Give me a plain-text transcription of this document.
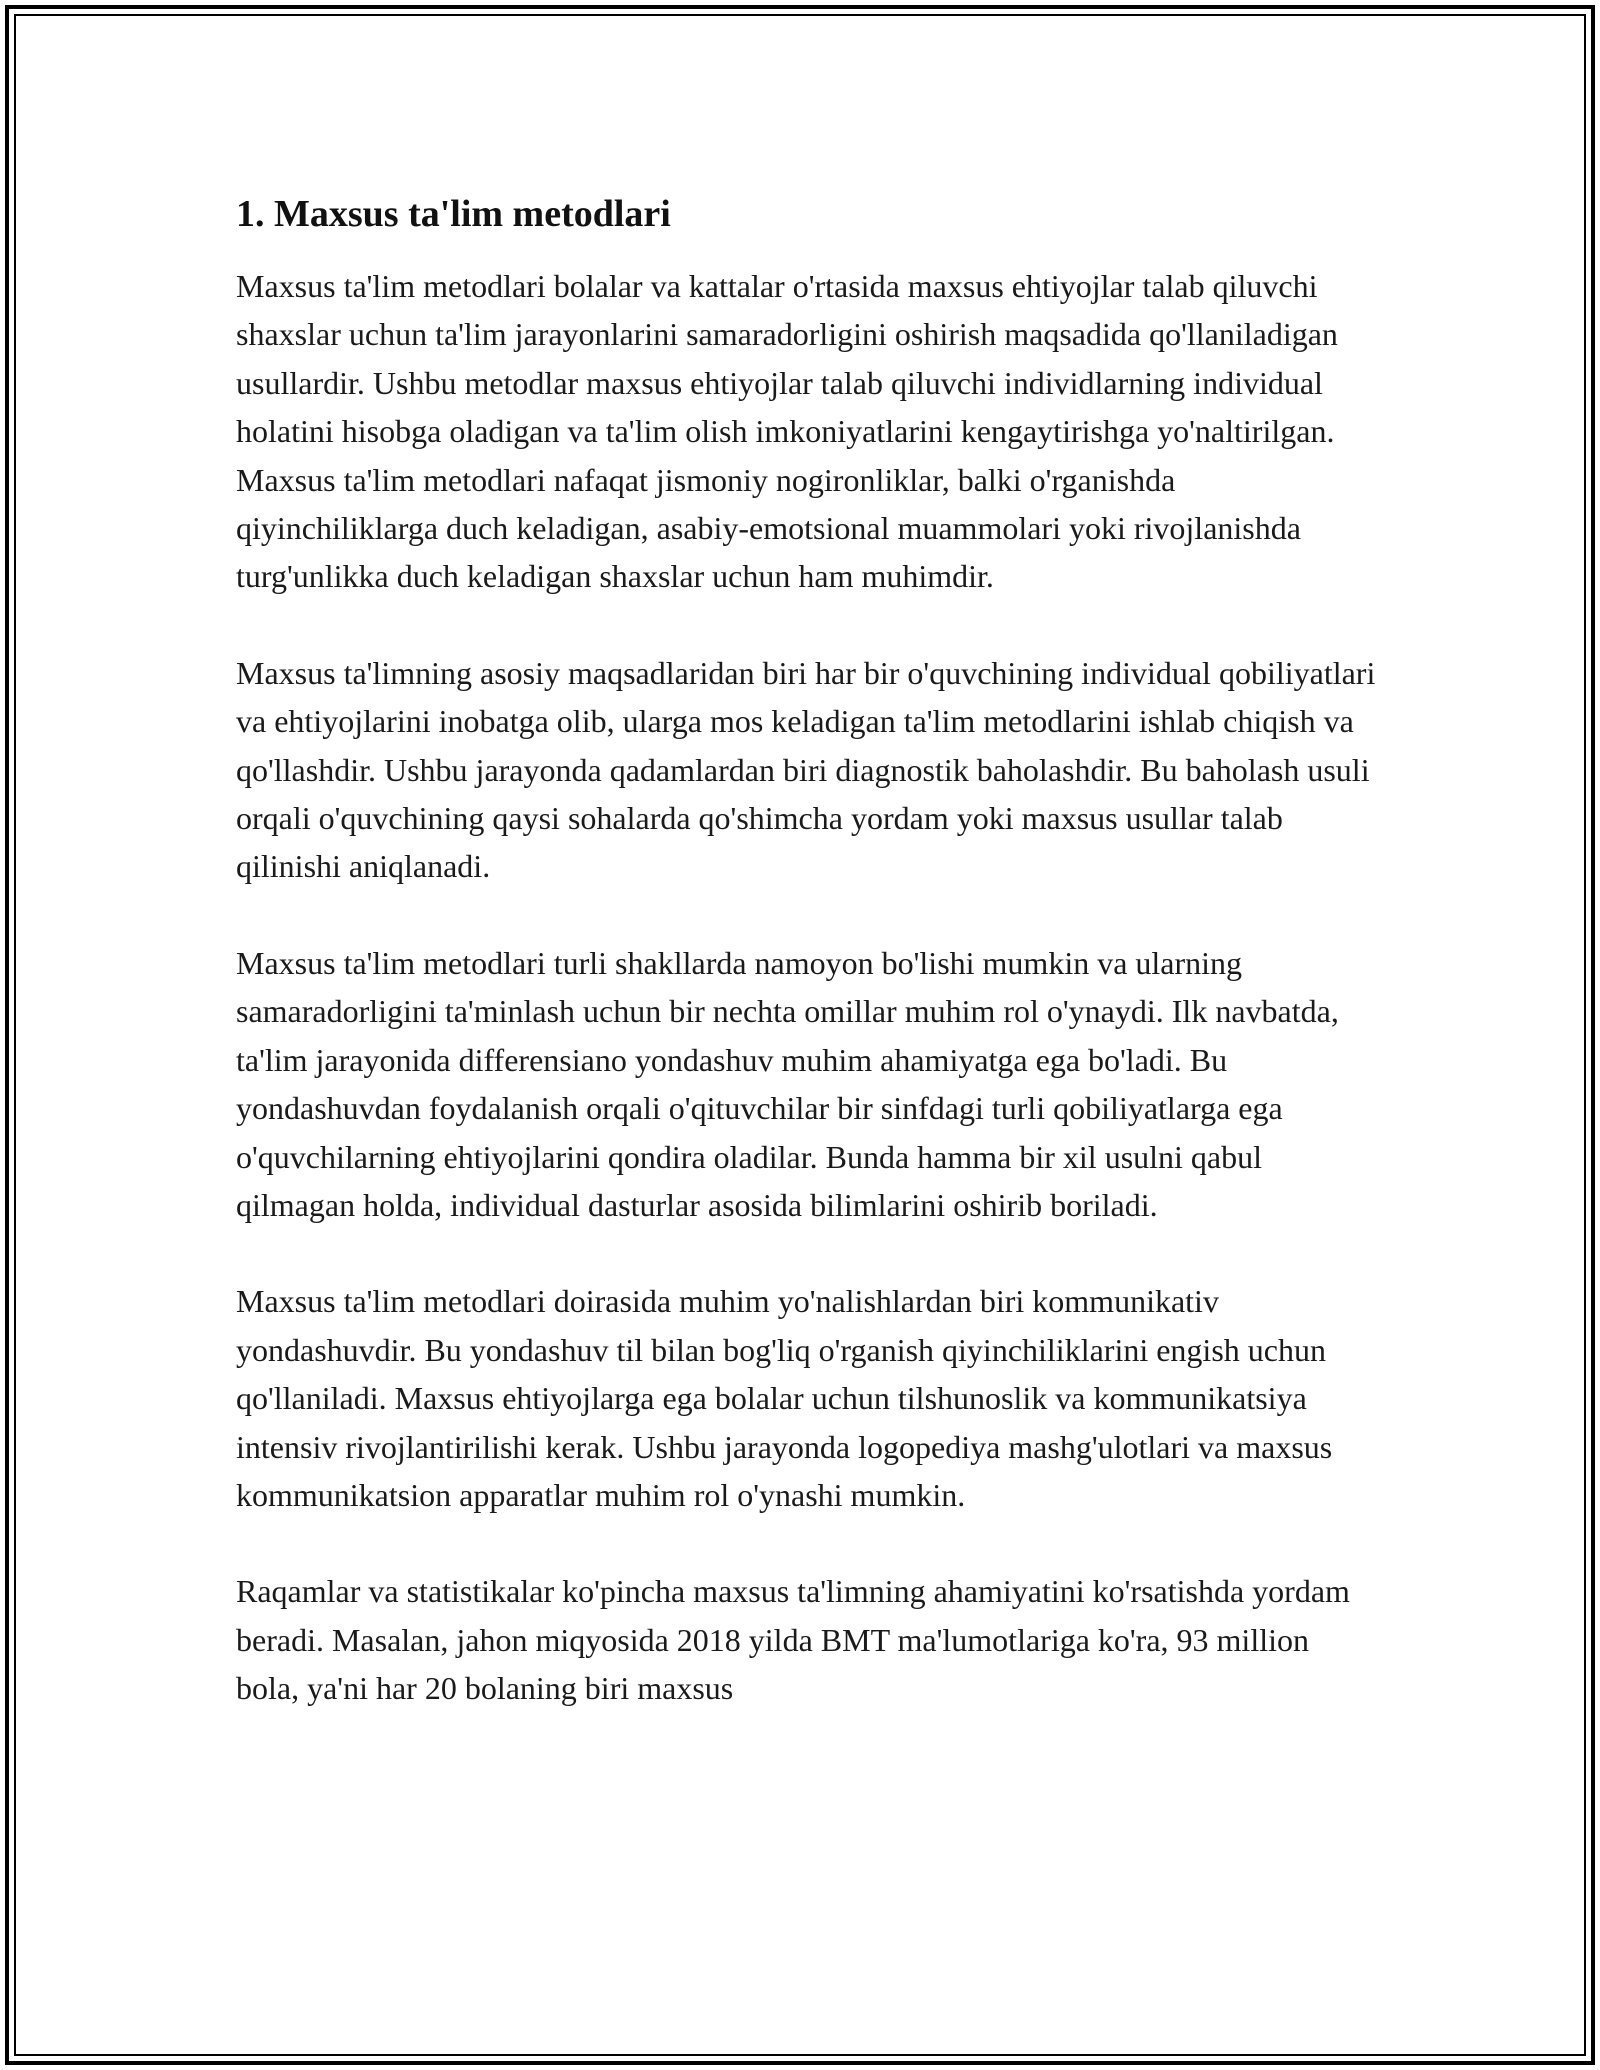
1. Maxsus ta'lim metodlari

Maxsus ta'lim metodlari bolalar va kattalar o'rtasida maxsus ehtiyojlar talab qiluvchi shaxslar uchun ta'lim jarayonlarini samaradorligini oshirish maqsadida qo'llaniladigan usullardir. Ushbu metodlar maxsus ehtiyojlar talab qiluvchi individlarning individual holatini hisobga oladigan va ta'lim olish imkoniyatlarini kengaytirishga yo'naltirilgan. Maxsus ta'lim metodlari nafaqat jismoniy nogironliklar, balki o'rganishda qiyinchiliklarga duch keladigan, asabiy-emotsional muammolari yoki rivojlanishda turg'unlikka duch keladigan shaxslar uchun ham muhimdir.

Maxsus ta'limning asosiy maqsadlaridan biri har bir o'quvchining individual qobiliyatlari va ehtiyojlarini inobatga olib, ularga mos keladigan ta'lim metodlarini ishlab chiqish va qo'llashdir. Ushbu jarayonda qadamlardan biri diagnostik baholashdir. Bu baholash usuli orqali o'quvchining qaysi sohalarda qo'shimcha yordam yoki maxsus usullar talab qilinishi aniqlanadi.

Maxsus ta'lim metodlari turli shakllarda namoyon bo'lishi mumkin va ularning samaradorligini ta'minlash uchun bir nechta omillar muhim rol o'ynaydi. Ilk navbatda, ta'lim jarayonida differensiano yondashuv muhim ahamiyatga ega bo'ladi. Bu yondashuvdan foydalanish orqali o'qituvchilar bir sinfdagi turli qobiliyatlarga ega o'quvchilarning ehtiyojlarini qondira oladilar. Bunda hamma bir xil usulni qabul qilmagan holda, individual dasturlar asosida bilimlarini oshirib boriladi.

Maxsus ta'lim metodlari doirasida muhim yo'nalishlardan biri kommunikativ yondashuvdir. Bu yondashuv til bilan bog'liq o'rganish qiyinchiliklarini engish uchun qo'llaniladi. Maxsus ehtiyojlarga ega bolalar uchun tilshunoslik va kommunikatsiya intensiv rivojlantirilishi kerak. Ushbu jarayonda logopediya mashg'ulotlari va maxsus kommunikatsion apparatlar muhim rol o'ynashi mumkin.

Raqamlar va statistikalar ko'pincha maxsus ta'limning ahamiyatini ko'rsatishda yordam beradi. Masalan, jahon miqyosida 2018 yilda BMT ma'lumotlariga ko'ra, 93 million bola, ya'ni har 20 bolaning biri maxsus
